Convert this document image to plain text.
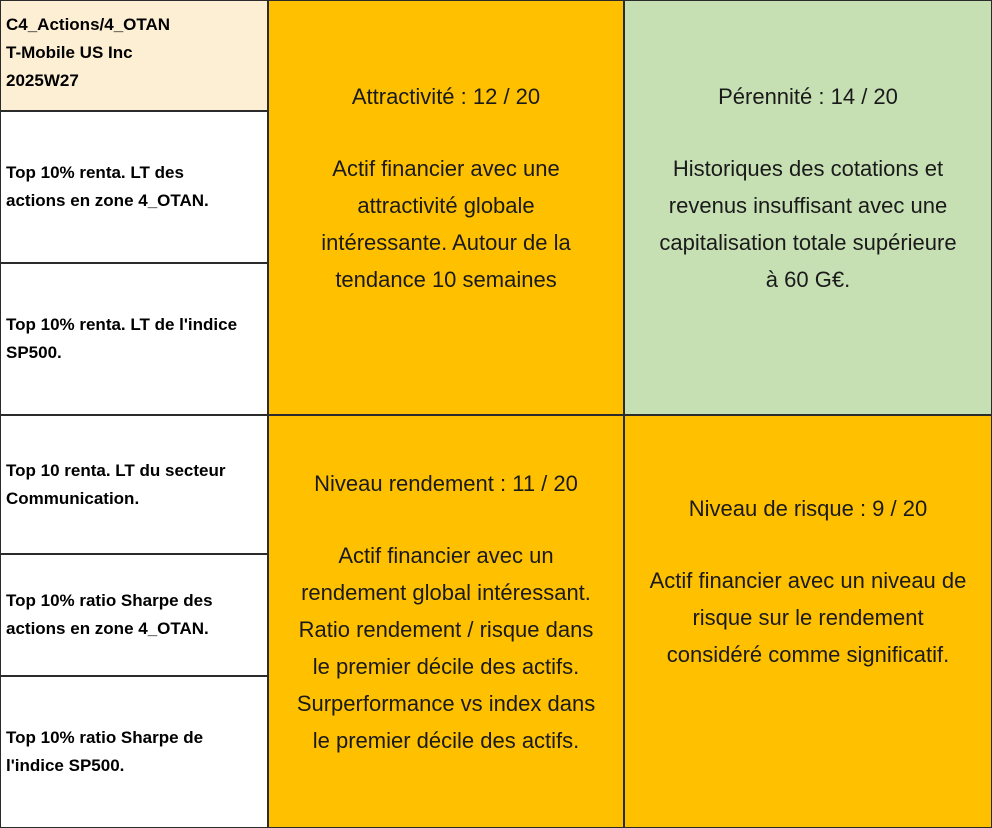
C4_Actions/4_OTAN
T-Mobile US Inc
2025W27
Top 10% renta. LT des
actions en zone 4_OTAN.
Top 10% renta. LT de l'indice
SP500.
Top 10 renta. LT du secteur
Communication.
Top 10% ratio Sharpe des
actions en zone 4_OTAN.
Top 10% ratio Sharpe de
l'indice SP500.
Attractivité : 12 / 20
Actif financier avec une
attractivité globale
intéressante. Autour de la
tendance 10 semaines
Pérennité : 14 / 20
Historiques des cotations et
revenus insuffisant avec une
capitalisation totale supérieure
à 60 G€.
Niveau rendement : 11 / 20
Actif financier avec un
rendement global intéressant.
Ratio rendement / risque dans
le premier décile des actifs.
Surperformance vs index dans
le premier décile des actifs.
Niveau de risque : 9 / 20
Actif financier avec un niveau de
risque sur le rendement
considéré comme significatif.
